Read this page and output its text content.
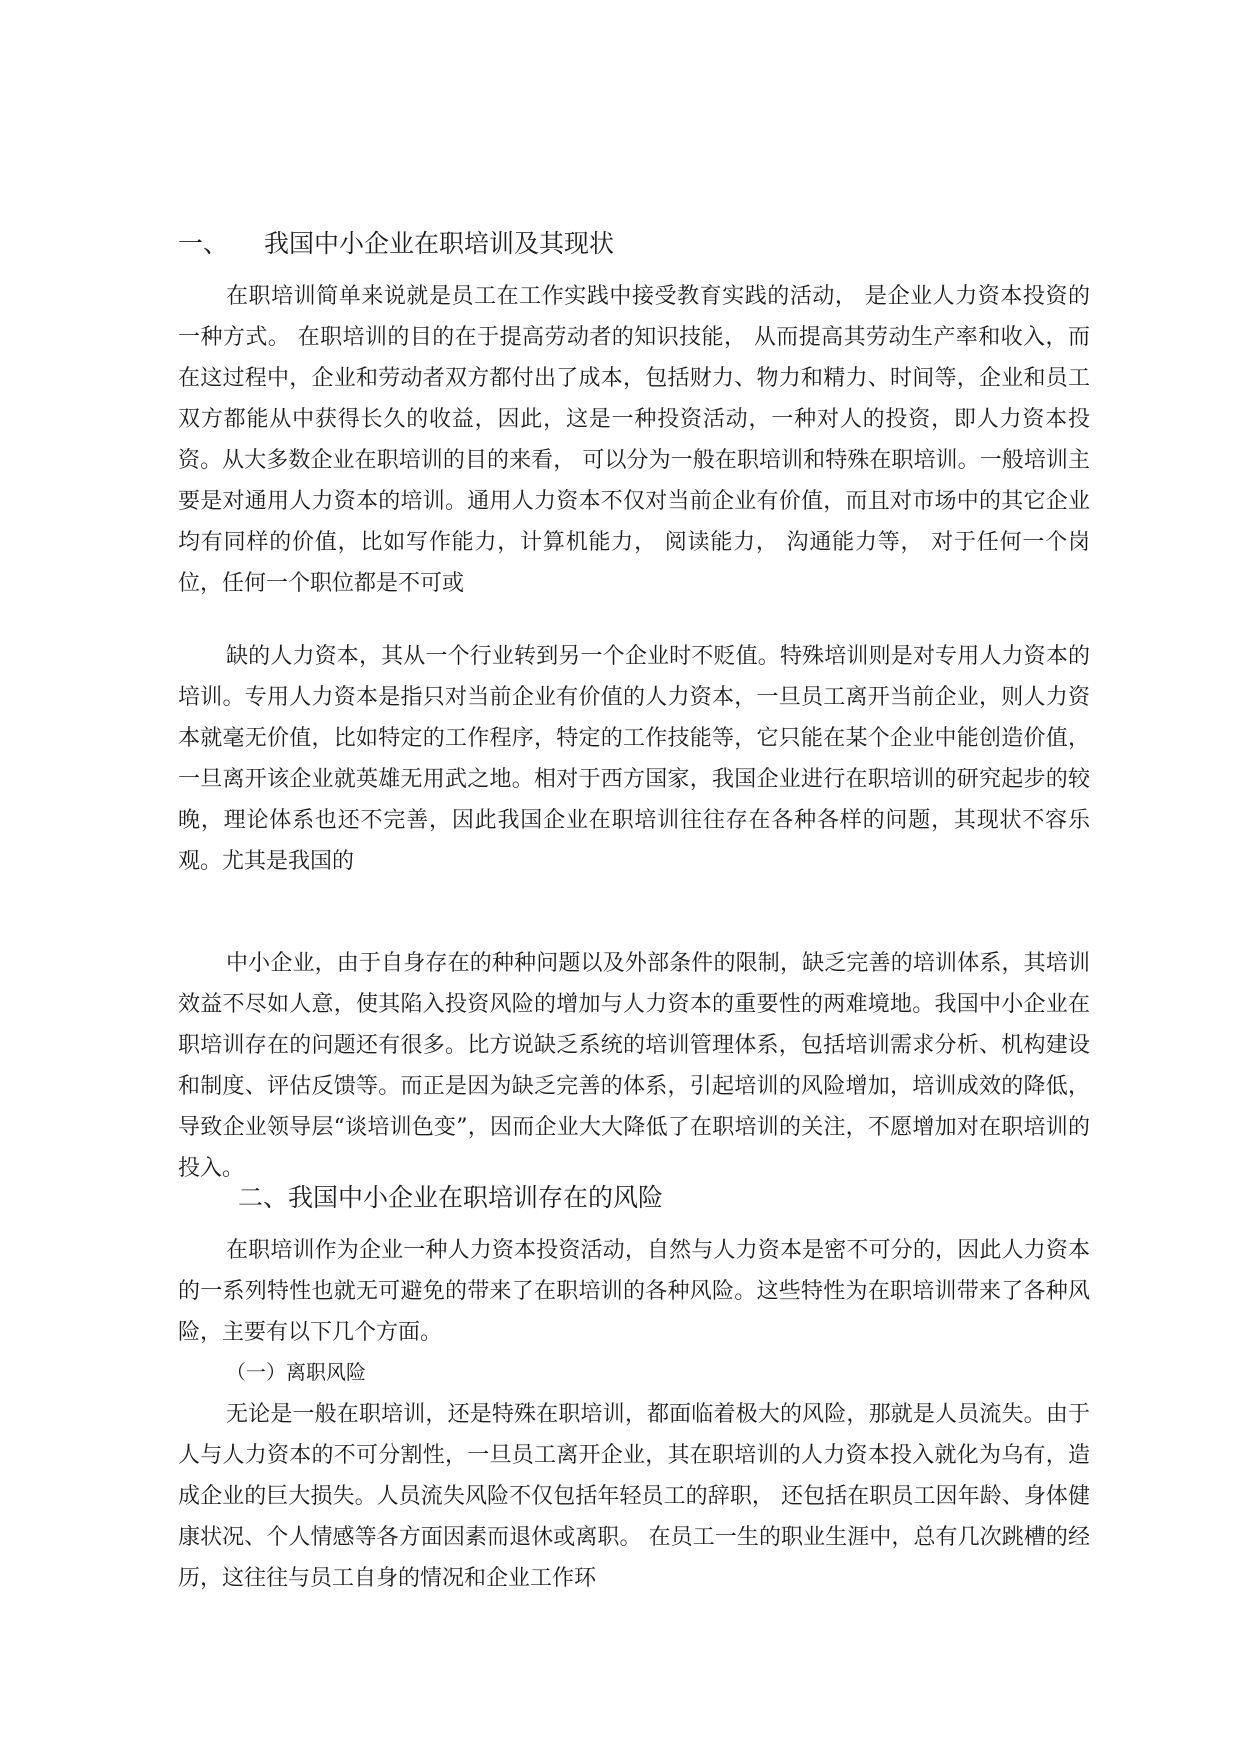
一、 我国中小企业在职培训及其现状

在职培训简单来说就是员工在工作实践中接受教育实践的活动， 是企业人力资本投资的一种方式。 在职培训的目的在于提高劳动者的知识技能， 从而提高其劳动生产率和收入，而在这过程中，企业和劳动者双方都付出了成本，包括财力、物力和精力、时间等，企业和员工双方都能从中获得长久的收益，因此，这是一种投资活动，一种对人的投资，即人力资本投资。从大多数企业在职培训的目的来看， 可以分为一般在职培训和特殊在职培训。一般培训主要是对通用人力资本的培训。通用人力资本不仅对当前企业有价值，而且对市场中的其它企业均有同样的价值，比如写作能力，计算机能力， 阅读能力， 沟通能力等， 对于任何一个岗位，任何一个职位都是不可或

缺的人力资本，其从一个行业转到另一个企业时不贬值。特殊培训则是对专用人力资本的培训。专用人力资本是指只对当前企业有价值的人力资本，一旦员工离开当前企业，则人力资本就毫无价值，比如特定的工作程序，特定的工作技能等，它只能在某个企业中能创造价值，一旦离开该企业就英雄无用武之地。相对于西方国家，我国企业进行在职培训的研究起步的较晚，理论体系也还不完善，因此我国企业在职培训往往存在各种各样的问题，其现状不容乐观。尤其是我国的

中小企业，由于自身存在的种种问题以及外部条件的限制，缺乏完善的培训体系，其培训效益不尽如人意，使其陷入投资风险的增加与人力资本的重要性的两难境地。我国中小企业在职培训存在的问题还有很多。比方说缺乏系统的培训管理体系，包括培训需求分析、机构建设和制度、评估反馈等。而正是因为缺乏完善的体系，引起培训的风险增加，培训成效的降低，导致企业领导层“谈培训色变”，因而企业大大降低了在职培训的关注，不愿增加对在职培训的投入。

二、我国中小企业在职培训存在的风险

在职培训作为企业一种人力资本投资活动，自然与人力资本是密不可分的，因此人力资本的一系列特性也就无可避免的带来了在职培训的各种风险。这些特性为在职培训带来了各种风险，主要有以下几个方面。

（一）离职风险

无论是一般在职培训，还是特殊在职培训，都面临着极大的风险，那就是人员流失。由于人与人力资本的不可分割性，一旦员工离开企业，其在职培训的人力资本投入就化为乌有，造成企业的巨大损失。人员流失风险不仅包括年轻员工的辞职， 还包括在职员工因年龄、身体健康状况、个人情感等各方面因素而退休或离职。 在员工一生的职业生涯中，总有几次跳槽的经历，这往往与员工自身的情况和企业工作环
